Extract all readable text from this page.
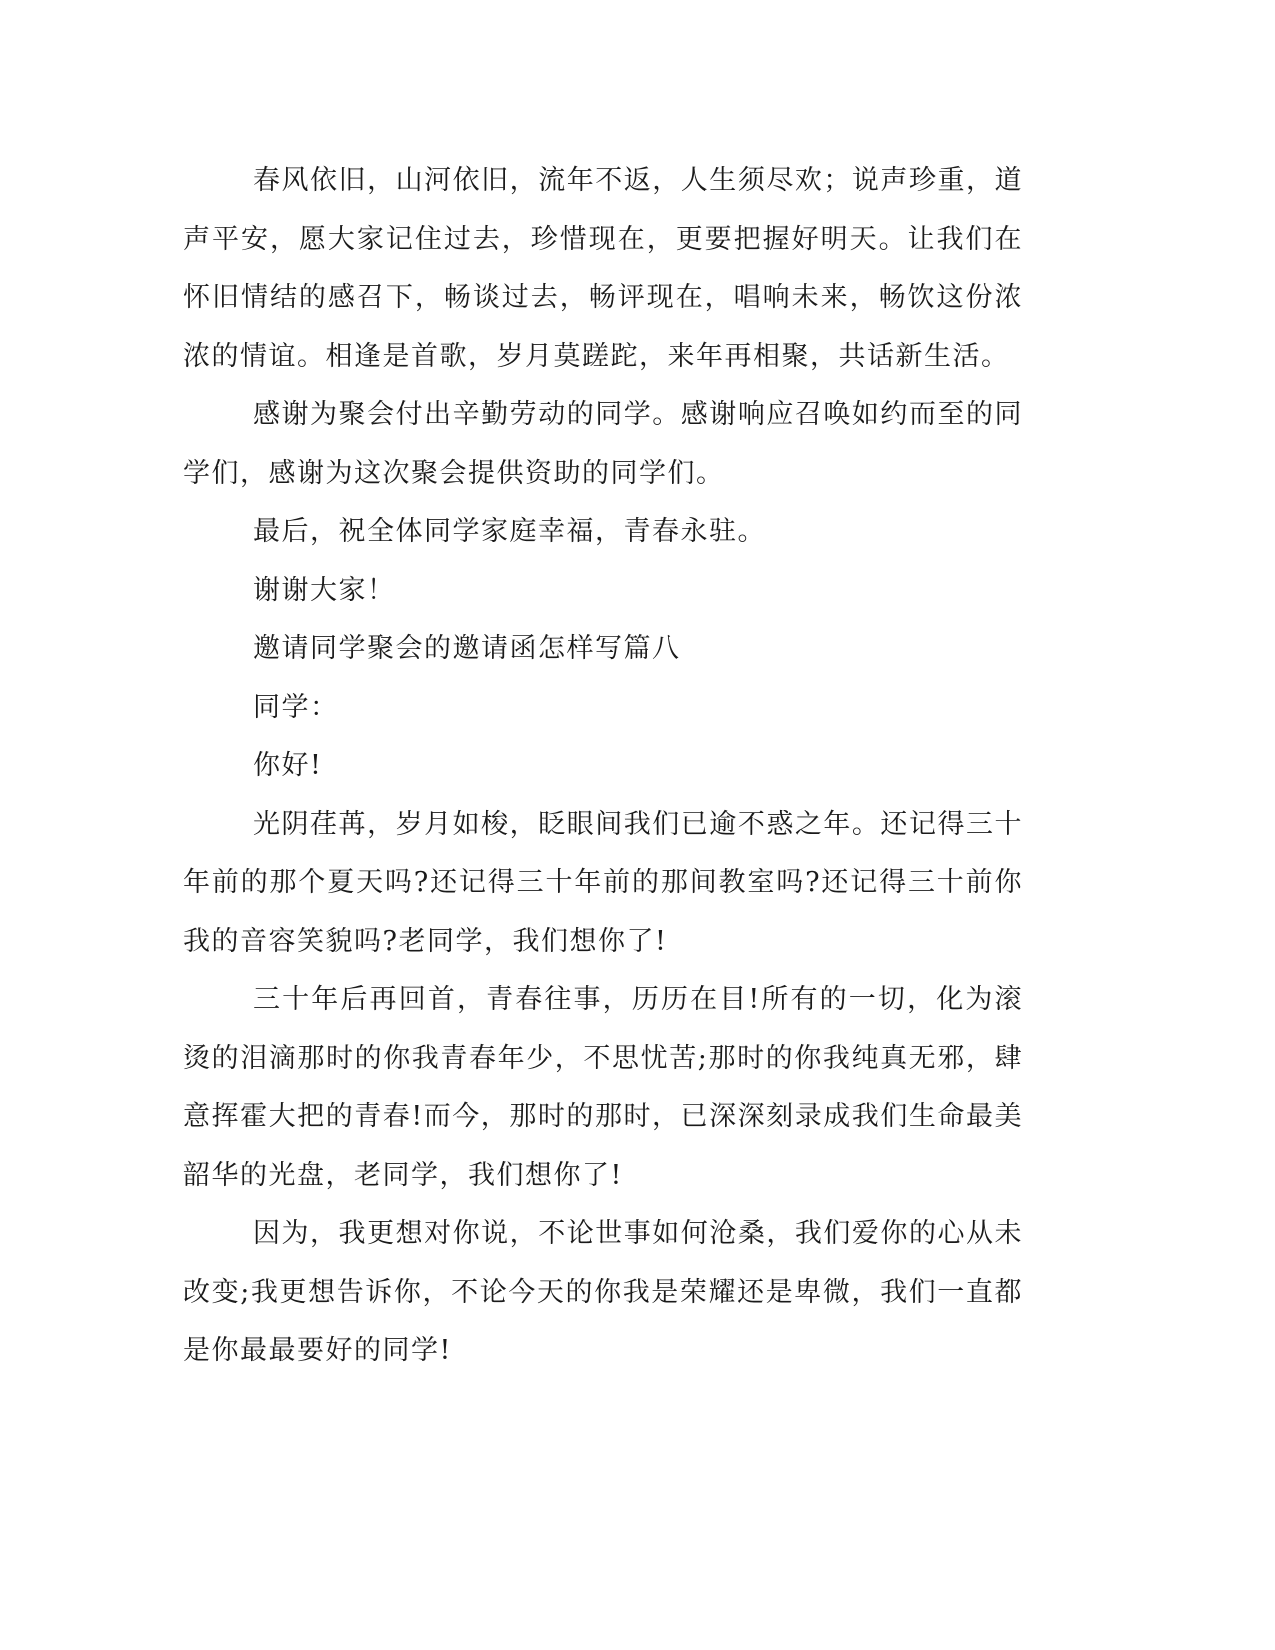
春风依旧，山河依旧，流年不返，人生须尽欢；说声珍重，道声平安，愿大家记住过去，珍惜现在，更要把握好明天。让我们在怀旧情结的感召下，畅谈过去，畅评现在，唱响未来，畅饮这份浓浓的情谊。相逢是首歌，岁月莫蹉跎，来年再相聚，共话新生活。

感谢为聚会付出辛勤劳动的同学。感谢响应召唤如约而至的同学们，感谢为这次聚会提供资助的同学们。

最后，祝全体同学家庭幸福，青春永驻。

谢谢大家！

邀请同学聚会的邀请函怎样写篇八

同学：

你好!

光阴荏苒，岁月如梭，眨眼间我们已逾不惑之年。还记得三十年前的那个夏天吗?还记得三十年前的那间教室吗?还记得三十前你我的音容笑貌吗?老同学，我们想你了!

三十年后再回首，青春往事，历历在目!所有的一切，化为滚烫的泪滴那时的你我青春年少，不思忧苦;那时的你我纯真无邪，肆意挥霍大把的青春!而今，那时的那时，已深深刻录成我们生命最美韶华的光盘，老同学，我们想你了!

因为，我更想对你说，不论世事如何沧桑，我们爱你的心从未改变;我更想告诉你，不论今天的你我是荣耀还是卑微，我们一直都是你最最要好的同学!
